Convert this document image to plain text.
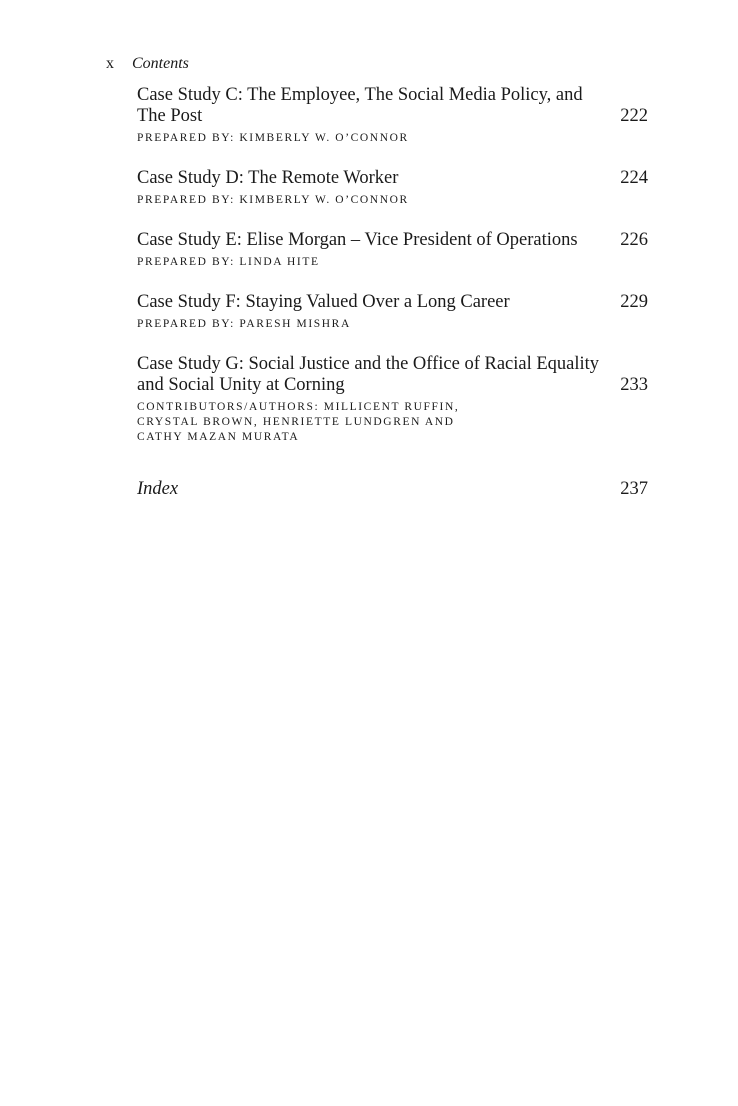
x Contents
Case Study C: The Employee, The Social Media Policy, and The Post	222
PREPARED BY: KIMBERLY W. O’CONNOR
Case Study D: The Remote Worker	224
PREPARED BY: KIMBERLY W. O’CONNOR
Case Study E: Elise Morgan – Vice President of Operations 226
PREPARED BY: LINDA HITE
Case Study F: Staying Valued Over a Long Career	229
PREPARED BY: PARESH MISHRA
Case Study G: Social Justice and the Office of Racial Equality and Social Unity at Corning	233
CONTRIBUTORS/AUTHORS: MILLICENT RUFFIN, CRYSTAL BROWN, HENRIETTE LUNDGREN AND CATHY MAZAN MURATA
Index	237
